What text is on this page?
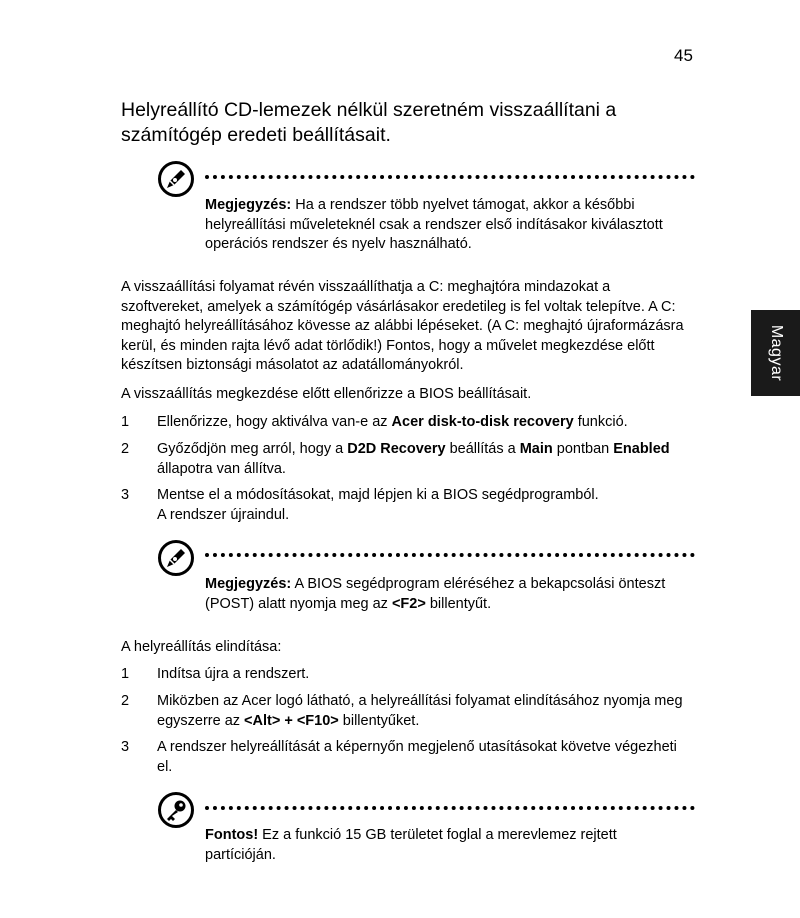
45
Helyreállító CD-lemezek nélkül szeretném visszaállítani a számítógép eredeti beállításait.
Magyar
Megjegyzés: Ha a rendszer több nyelvet támogat, akkor a későbbi helyreállítási műveleteknél csak a rendszer első indításakor kiválasztott operációs rendszer és nyelv használható.
A visszaállítási folyamat révén visszaállíthatja a C: meghajtóra mindazokat a szoftvereket, amelyek a számítógép vásárlásakor eredetileg is fel voltak telepítve. A C: meghajtó helyreállításához kövesse az alábbi lépéseket. (A C: meghajtó újraformázásra kerül, és minden rajta lévő adat törlődik!) Fontos, hogy a művelet megkezdése előtt készítsen biztonsági másolatot az adatállományokról.
A visszaállítás megkezdése előtt ellenőrizze a BIOS beállításait.
1 Ellenőrizze, hogy aktiválva van-e az Acer disk-to-disk recovery funkció.
2 Győződjön meg arról, hogy a D2D Recovery beállítás a Main pontban Enabled állapotra van állítva.
3 Mentse el a módosításokat, majd lépjen ki a BIOS segédprogramból.
A rendszer újraindul.
Megjegyzés: A BIOS segédprogram eléréséhez a bekapcsolási önteszt (POST) alatt nyomja meg az <F2> billentyűt.
A helyreállítás elindítása:
1 Indítsa újra a rendszert.
2 Miközben az Acer logó látható, a helyreállítási folyamat elindításához nyomja meg egyszerre az <Alt> + <F10> billentyűket.
3 A rendszer helyreállítását a képernyőn megjelenő utasításokat követve végezheti el.
Fontos! Ez a funkció 15 GB területet foglal a merevlemez rejtett partícióján.
